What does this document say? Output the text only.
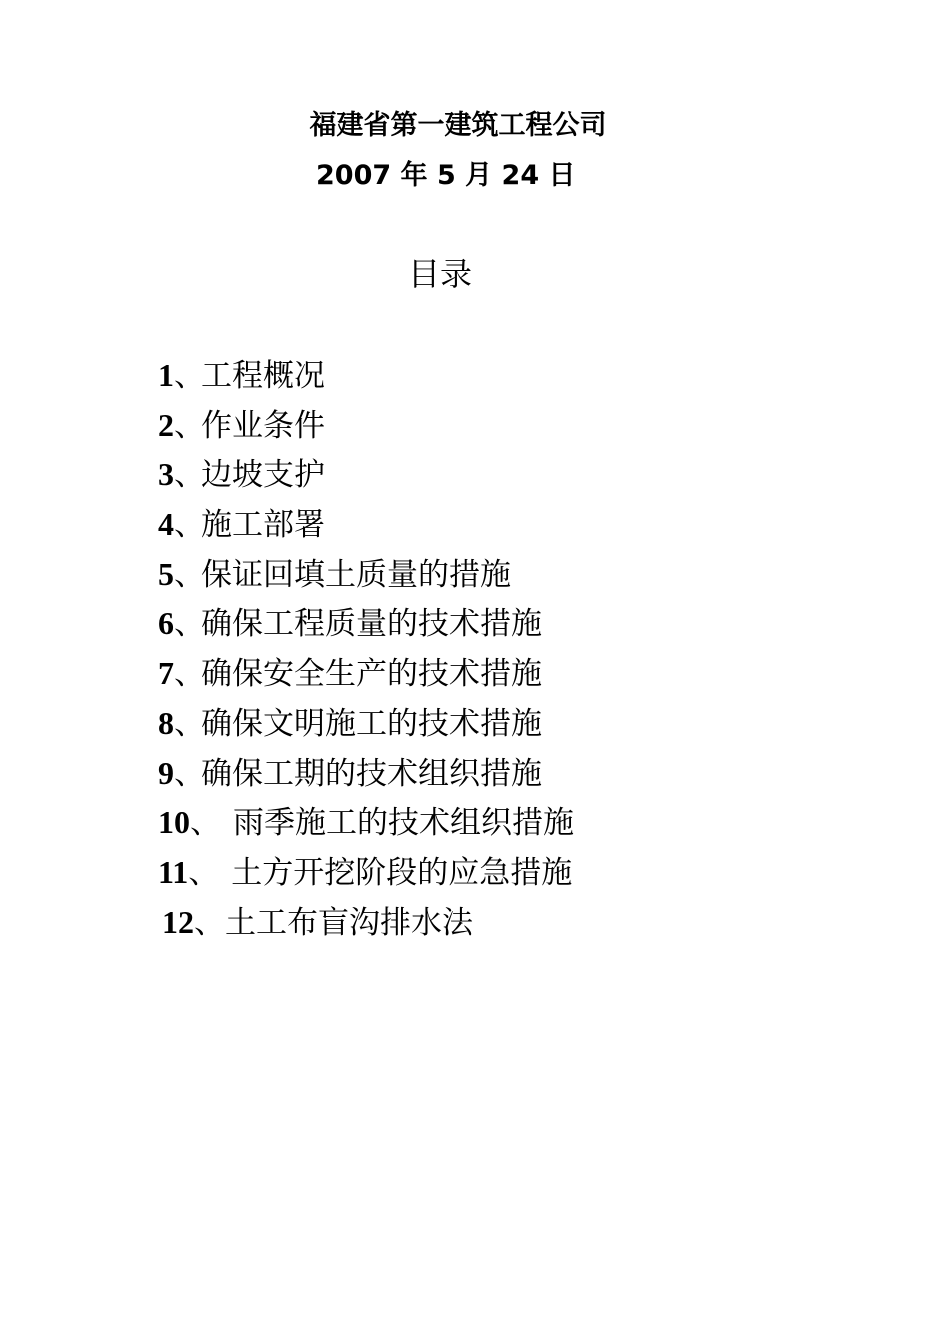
福建省第一建筑工程公司
2007 年 5 月 24 日
目录
1、工程概况
2、作业条件
3、边坡支护
4、施工部署
5、保证回填土质量的措施
6、确保工程质量的技术措施
7、确保安全生产的技术措施
8、确保文明施工的技术措施
9、确保工期的技术组织措施
10、 雨季施工的技术组织措施
11、 土方开挖阶段的应急措施
12、土工布盲沟排水法
